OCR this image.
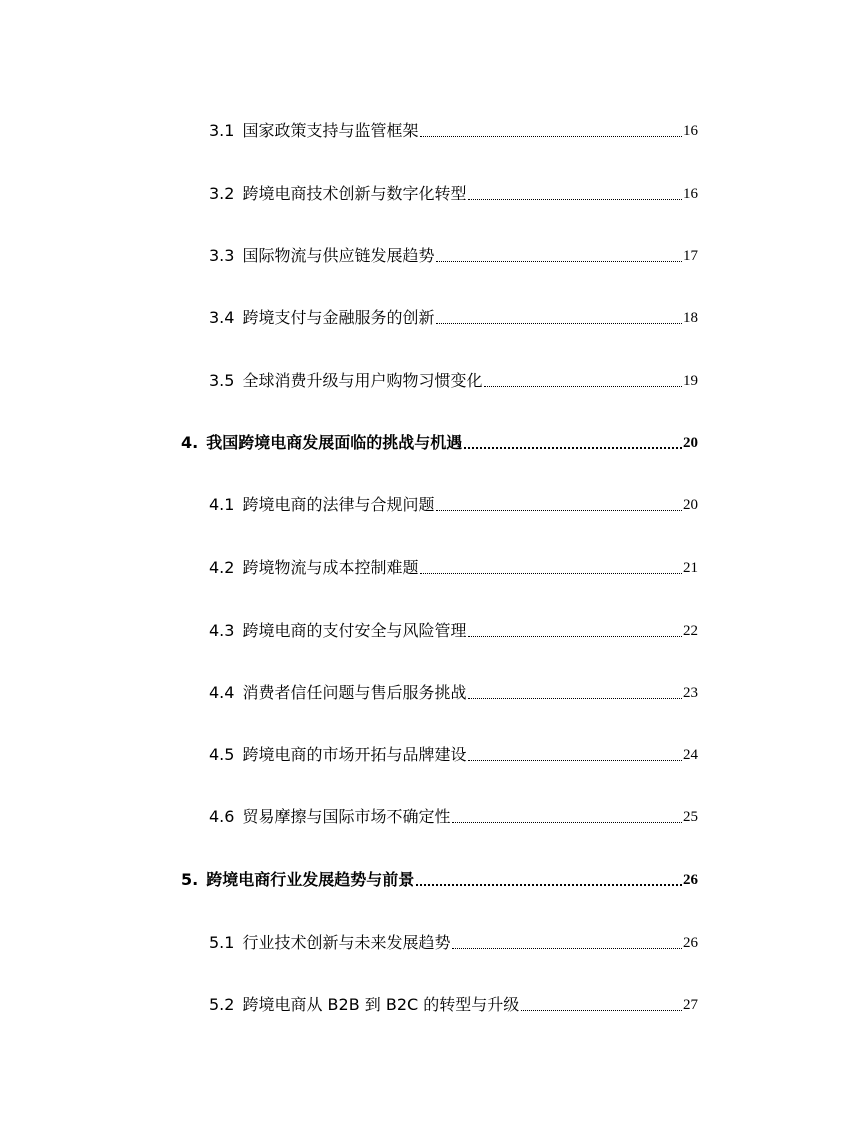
3.1 国家政策支持与监管框架	16
3.2 跨境电商技术创新与数字化转型	16
3.3 国际物流与供应链发展趋势	17
3.4 跨境支付与金融服务的创新	18
3.5 全球消费升级与用户购物习惯变化	19
4. 我国跨境电商发展面临的挑战与机遇	20
4.1 跨境电商的法律与合规问题	20
4.2 跨境物流与成本控制难题	21
4.3 跨境电商的支付安全与风险管理	22
4.4 消费者信任问题与售后服务挑战	23
4.5 跨境电商的市场开拓与品牌建设	24
4.6 贸易摩擦与国际市场不确定性	25
5. 跨境电商行业发展趋势与前景	26
5.1 行业技术创新与未来发展趋势	26
5.2 跨境电商从 B2B 到 B2C 的转型与升级	27
